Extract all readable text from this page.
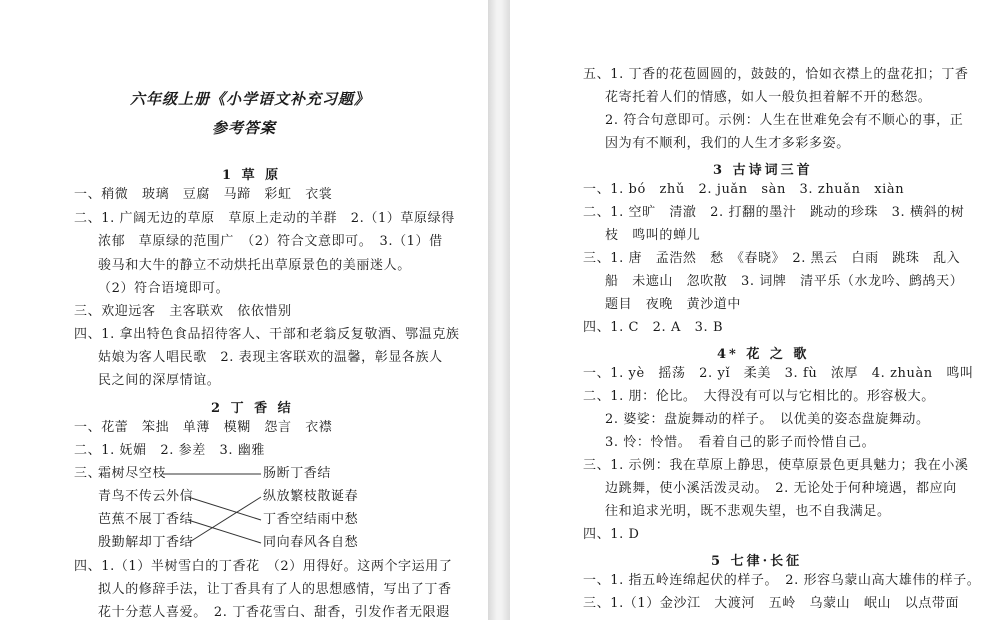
六年级上册《小学语文补充习题》
参考答案
1 草 原
一、稍微　玻璃　豆腐　马蹄　彩虹　衣裳
二、1. 广阔无边的草原　草原上走动的羊群　2.（1）草原绿得
浓郁　草原绿的范围广　（2）符合文意即可。　3.（1）借
骏马和大牛的静立不动烘托出草原景色的美丽迷人。
（2）符合语境即可。
三、欢迎远客　主客联欢　依依惜别
四、1. 拿出特色食品招待客人、干部和老翁反复敬酒、鄂温克族
姑娘为客人唱民歌　2. 表现主客联欢的温馨，彰显各族人
民之间的深厚情谊。
2 丁 香 结
一、花蕾　笨拙　单薄　模糊　怨言　衣襟
二、1. 妩媚　2. 参差　3. 幽雅
三、
霜树尽空枝
青鸟不传云外信
芭蕉不展丁香结
殷勤解却丁香结
肠断丁香结
纵放繁枝散诞春
丁香空结雨中愁
同向春风各自愁
四、1.（1）半树雪白的丁香花　（2）用得好。这两个字运用了
拟人的修辞手法，让丁香具有了人的思想感情，写出了丁香
花十分惹人喜爱。　2. 丁香花雪白、甜香，引发作者无限遐
五、1. 丁香的花苞圆圆的，鼓鼓的，恰如衣襟上的盘花扣；丁香
花寄托着人们的情感，如人一般负担着解不开的愁怨。
2. 符合句意即可。示例：人生在世难免会有不顺心的事，正
因为有不顺利，我们的人生才多彩多姿。
3 古诗词三首
一、1. bó　zhǔ　2. juǎn　sàn　3. zhuǎn　xiàn
二、1. 空旷　清澈　2. 打翻的墨汁　跳动的珍珠　3. 横斜的树
枝　鸣叫的蝉儿
三、1. 唐　孟浩然　愁　《春晓》　2. 黑云　白雨　跳珠　乱入
船　未遮山　忽吹散　3. 词牌　清平乐（水龙吟、鹧鸪天）
题目　夜晚　黄沙道中
四、1. C　2. A　3. B
4* 花 之 歌
一、1. yè　摇荡　2. yǐ　柔美　3. fù　浓厚　4. zhuàn　鸣叫
二、1. 朋：伦比。　大得没有可以与它相比的。形容极大。
2. 婆娑：盘旋舞动的样子。　以优美的姿态盘旋舞动。
3. 怜：怜惜。　看着自己的影子而怜惜自己。
三、1. 示例：我在草原上静思，使草原景色更具魅力；我在小溪
边跳舞，使小溪活泼灵动。　2. 无论处于何种境遇，都应向
往和追求光明，既不悲观失望，也不自我满足。
四、1. D
5 七律·长征
一、1. 指五岭连绵起伏的样子。　2. 形容乌蒙山高大雄伟的样子。
三、1.（1）金沙江　大渡河　五岭　乌蒙山　岷山　以点带面
